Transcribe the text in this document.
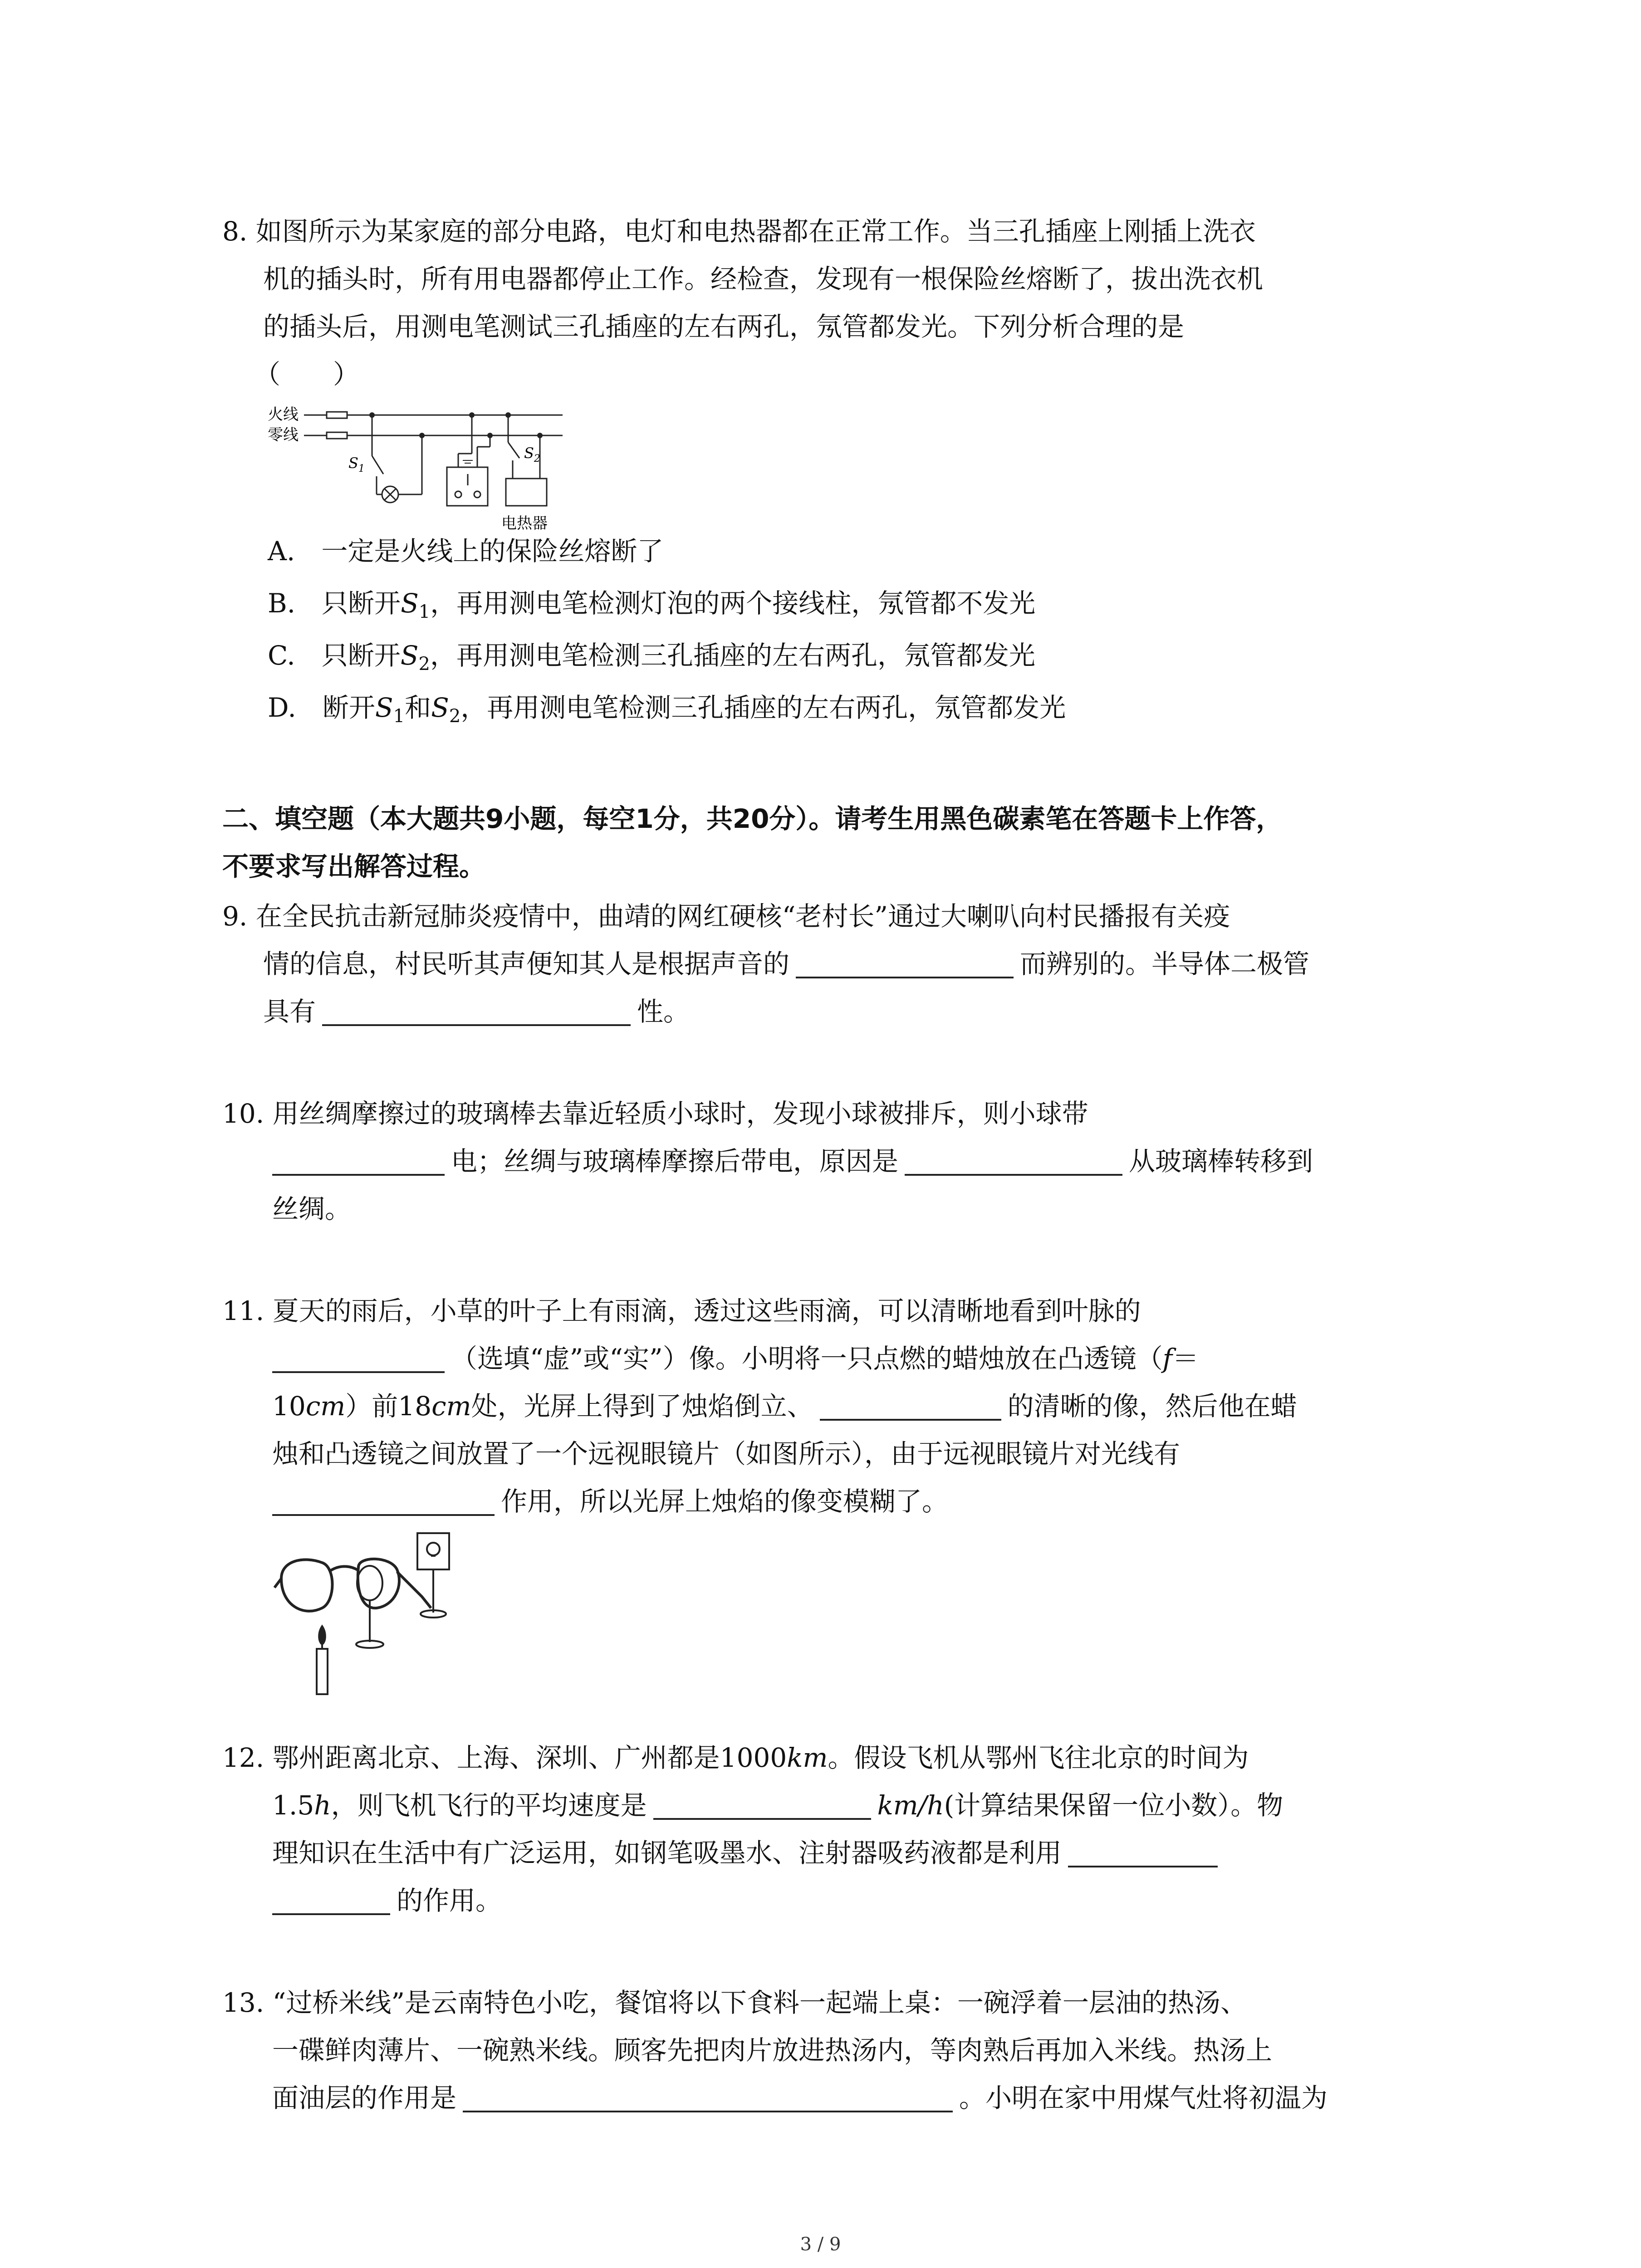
8. 如图所示为某家庭的部分电路，电灯和电热器都在正常工作。当三孔插座上刚插上洗衣
机的插头时，所有用电器都停止工作。经检查，发现有一根保险丝熔断了，拔出洗衣机
的插头后，用测电笔测试三孔插座的左右两孔，氖管都发光。下列分析合理的是
（　　）
火线
零线
$S_1$
$S_2$
电热器
A.　一定是火线上的保险丝熔断了
B.　只断开$S_1$，再用测电笔检测灯泡的两个接线柱，氖管都不发光
C.　只断开$S_2$，再用测电笔检测三孔插座的左右两孔，氖管都发光
D.　断开$S_1$和$S_2$，再用测电笔检测三孔插座的左右两孔，氖管都发光
二、填空题（本大题共9小题，每空1分，共20分）。请考生用黑色碳素笔在答题卡上作答，
不要求写出解答过程。
9. 在全民抗击新冠肺炎疫情中，曲靖的网红硬核“老村长”通过大喇叭向村民播报有关疫
情的信息，村民听其声便知其人是根据声音的	而辨别的。半导体二极管
具有	性。
10. 用丝绸摩擦过的玻璃棒去靠近轻质小球时，发现小球被排斥，则小球带
电；丝绸与玻璃棒摩擦后带电，原因是	从玻璃棒转移到
丝绸。
11. 夏天的雨后，小草的叶子上有雨滴，透过这些雨滴，可以清晰地看到叶脉的
（选填“虚”或“实”）像。小明将一只点燃的蜡烛放在凸透镜（f＝
10cm）前18cm处，光屏上得到了烛焰倒立、	的清晰的像，然后他在蜡
烛和凸透镜之间放置了一个远视眼镜片（如图所示），由于远视眼镜片对光线有
作用，所以光屏上烛焰的像变模糊了。
12. 鄂州距离北京、上海、深圳、广州都是1000km。假设飞机从鄂州飞往北京的时间为
1.5h，则飞机飞行的平均速度是	km/h(计算结果保留一位小数）。物
理知识在生活中有广泛运用，如钢笔吸墨水、注射器吸药液都是利用
的作用。
13. “过桥米线”是云南特色小吃，餐馆将以下食料一起端上桌：一碗浮着一层油的热汤、
一碟鲜肉薄片、一碗熟米线。顾客先把肉片放进热汤内，等肉熟后再加入米线。热汤上
面油层的作用是	。小明在家中用煤气灶将初温为
3 / 9
